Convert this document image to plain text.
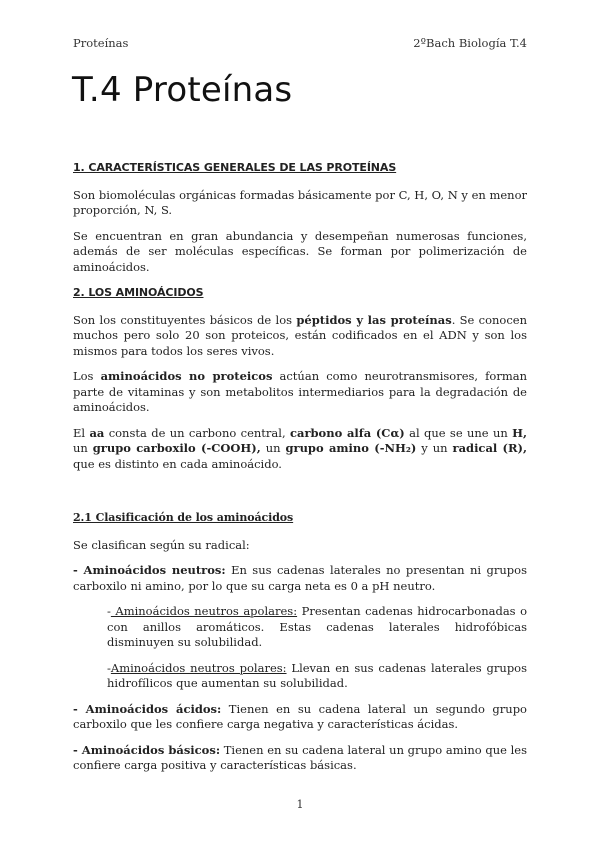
Proteínas	2ºBach Biología T.4
T.4 Proteínas
1. CARACTERÍSTICAS GENERALES DE LAS PROTEÍNAS

Son biomoléculas orgánicas formadas básicamente por C, H, O, N y en menor proporción, N, S.

Se encuentran en gran abundancia y desempeñan numerosas funciones, además de ser moléculas específicas. Se forman por polimerización de aminoácidos.

2. LOS AMINOÁCIDOS

Son los constituyentes básicos de los péptidos y las proteínas. Se conocen muchos pero solo 20 son proteicos, están codificados en el ADN y son los mismos para todos los seres vivos.

Los aminoácidos no proteicos actúan como neurotransmisores, forman parte de vitaminas y son metabolitos intermediarios para la degradación de aminoácidos.

El aa consta de un carbono central, carbono alfa (Cα) al que se une un H, un grupo carboxilo (-COOH), un grupo amino (-NH₂) y un radical (R), que es distinto en cada aminoácido.

2.1 Clasificación de los aminoácidos

Se clasifican según su radical:

- Aminoácidos neutros: En sus cadenas laterales no presentan ni grupos carboxilo ni amino, por lo que su carga neta es 0 a pH neutro.

- Aminoácidos neutros apolares: Presentan cadenas hidrocarbonadas o con anillos aromáticos. Estas cadenas laterales hidrofóbicas disminuyen su solubilidad.

-Aminoácidos neutros polares: Llevan en sus cadenas laterales grupos hidrofílicos que aumentan su solubilidad.

- Aminoácidos ácidos: Tienen en su cadena lateral un segundo grupo carboxilo que les confiere carga negativa y características ácidas.

- Aminoácidos básicos: Tienen en su cadena lateral un grupo amino que les confiere carga positiva y características básicas.

1
